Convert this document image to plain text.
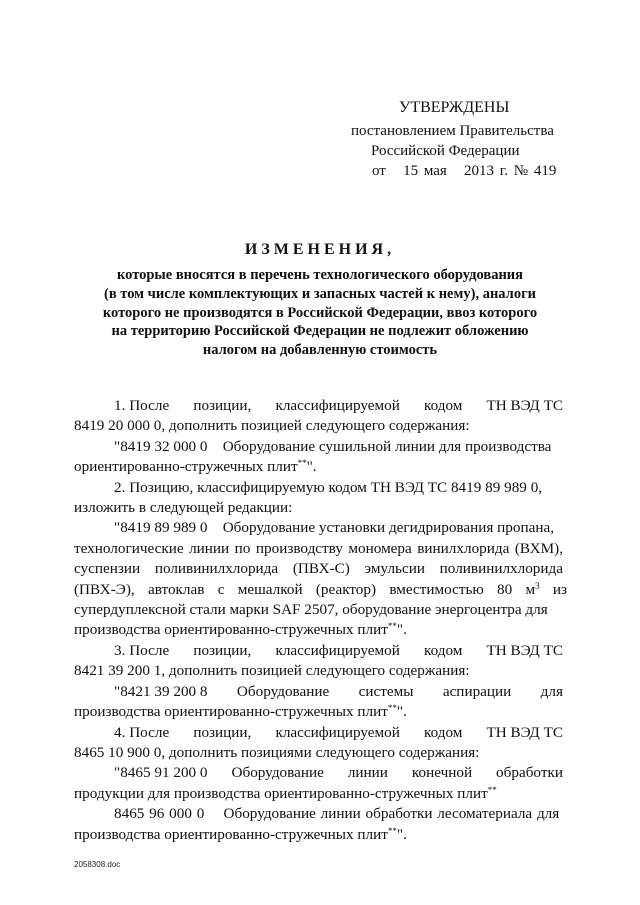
УТВЕРЖДЕНЫ
постановлением Правительства
Российской Федерации
от   15 мая   2013 г. № 419
ИЗМЕНЕНИЯ,
которые вносятся в перечень технологического оборудования
(в том числе комплектующих и запасных частей к нему), аналоги
которого не производятся в Российской Федерации, ввоз которого
на территорию Российской Федерации не подлежит обложению
налогом на добавленную стоимость
1. После позиции, классифицируемой кодом ТН ВЭД ТС
8419 20 000 0, дополнить позицией следующего содержания:
"8419 32 000 0    Оборудование сушильной линии для производства
ориентированно-стружечных плит**".
2. Позицию, классифицируемую кодом ТН ВЭД ТС 8419 89 989 0,
изложить в следующей редакции:
"8419 89 989 0    Оборудование установки дегидрирования пропана,
технологические линии по производству мономера винилхлорида (ВХМ),
суспензии поливинилхлорида (ПВХ-С) эмульсии поливинилхлорида
(ПВХ-Э), автоклав с мешалкой (реактор) вместимостью 80 $м^3$ из
супердуплексной стали марки SAF 2507, оборудование энергоцентра для
производства ориентированно-стружечных плит**".
3. После позиции, классифицируемой кодом ТН ВЭД ТС
8421 39 200 1, дополнить позицией следующего содержания:
"8421 39 200 8 Оборудование системы аспирации для
производства ориентированно-стружечных плит**".
4. После позиции, классифицируемой кодом ТН ВЭД ТС
8465 10 900 0, дополнить позициями следующего содержания:
"8465 91 200 0 Оборудование линии конечной обработки
продукции для производства ориентированно-стружечных плит**
8465 96 000 0    Оборудование линии обработки лесоматериала для
производства ориентированно-стружечных плит**".
2058308.doc
